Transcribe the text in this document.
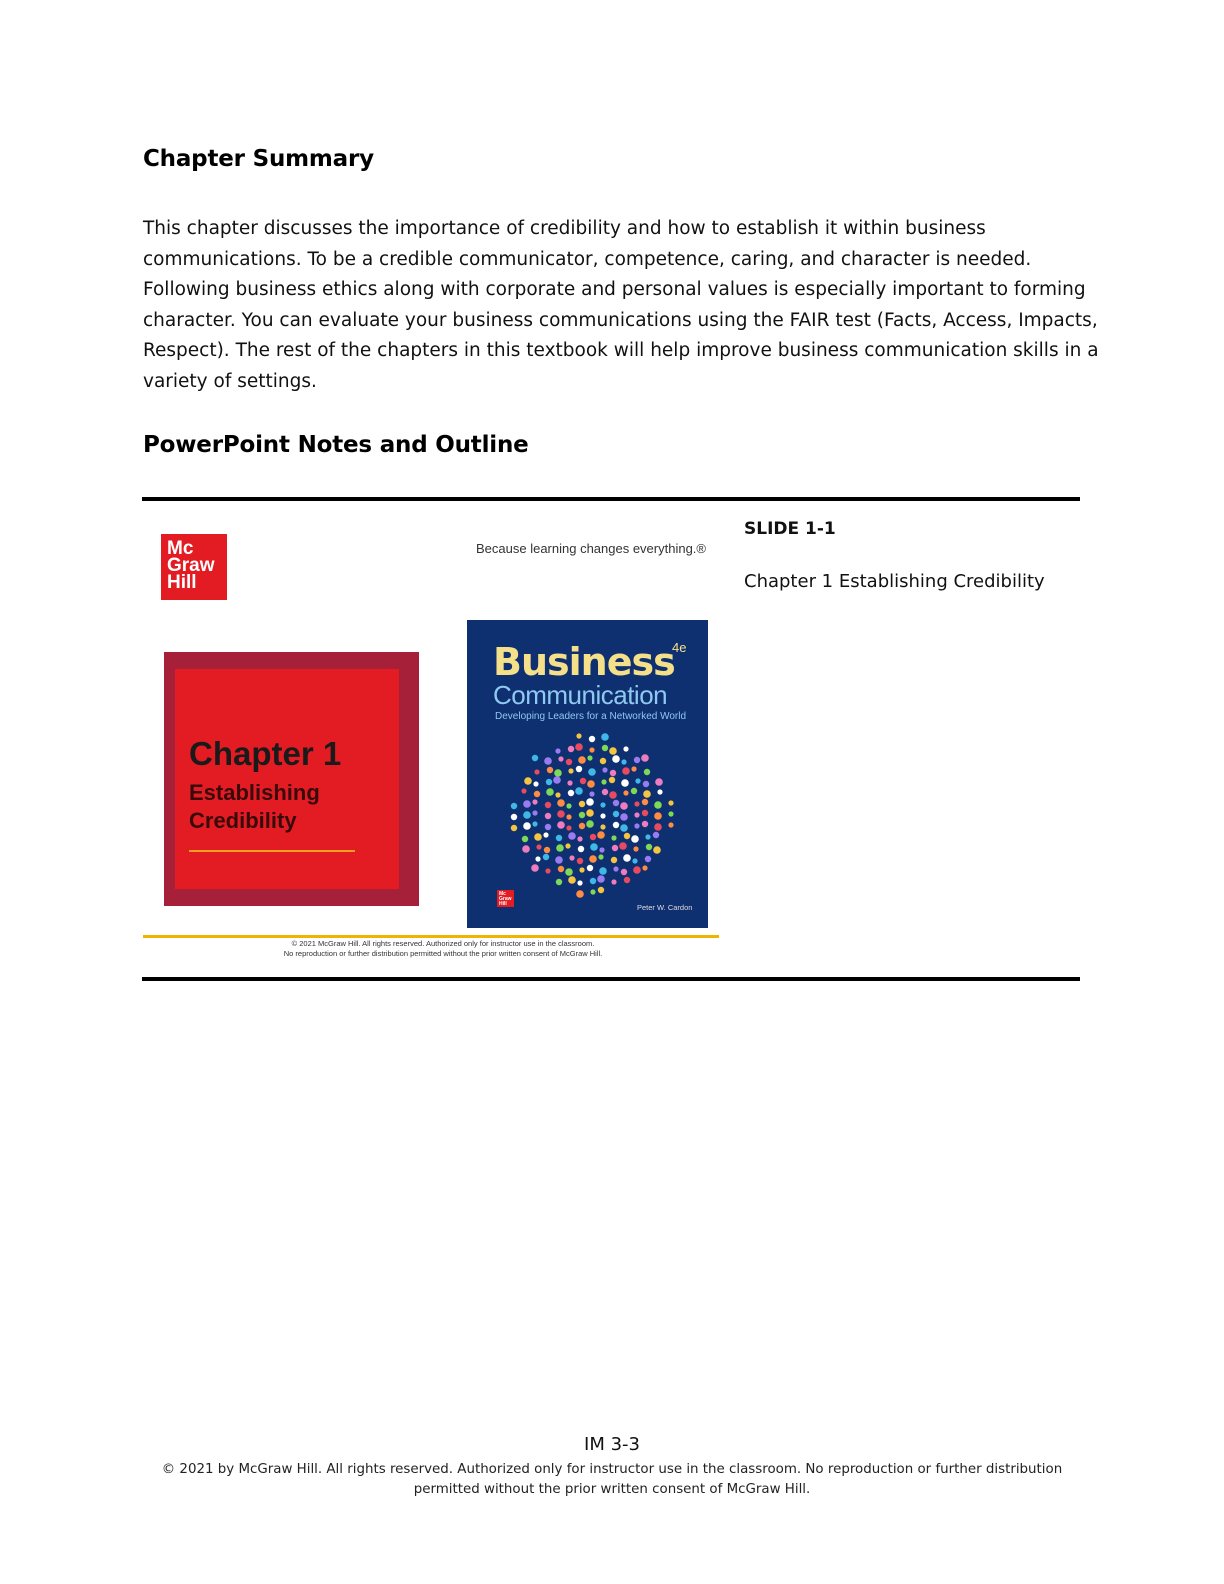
Chapter Summary
This chapter discusses the importance of credibility and how to establish it within business
communications. To be a credible communicator, competence, caring, and character is needed.
Following business ethics along with corporate and personal values is especially important to forming
character. You can evaluate your business communications using the FAIR test (Facts, Access, Impacts,
Respect). The rest of the chapters in this textbook will help improve business communication skills in a
variety of settings.
PowerPoint Notes and Outline
Mc
Graw
Hill
Because learning changes everything.®
Chapter 1
Establishing
Credibility
Business
4e
Communication
Developing Leaders for a Networked World
Mc
Graw
Hill	Peter W. Cardon
© 2021 McGraw Hill. All rights reserved. Authorized only for instructor use in the classroom.
No reproduction or further distribution permitted without the prior written consent of McGraw Hill.
SLIDE 1-1
Chapter 1 Establishing Credibility
IM 3-3
© 2021 by McGraw Hill. All rights reserved. Authorized only for instructor use in the classroom. No reproduction or further distribution
permitted without the prior written consent of McGraw Hill.
